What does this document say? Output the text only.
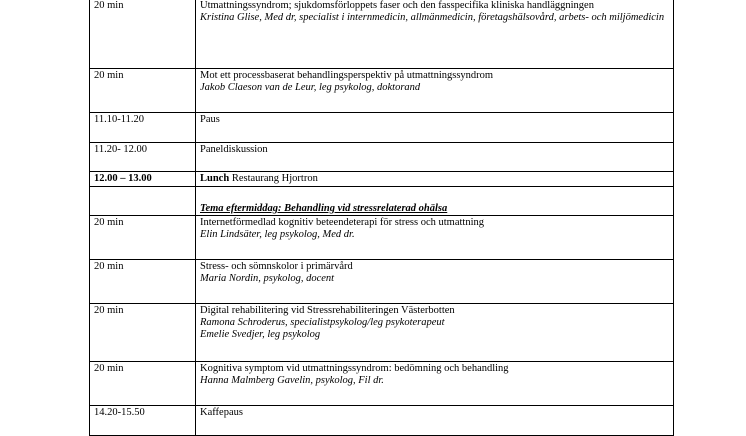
20 min	Utmattningssyndrom; sjukdomsförloppets faser och den fasspecifika kliniska handläggningen
Kristina Glise, Med dr, specialist i internmedicin, allmänmedicin, företagshälsovård, arbets- och miljömedicin

20 min	Mot ett processbaserat behandlingsperspektiv på utmattningssyndrom
Jakob Claeson van de Leur, leg psykolog, doktorand

11.10-11.20	Paus

11.20- 12.00	Paneldiskussion

12.00 – 13.00	Lunch Restaurang Hjortron
	Tema eftermiddag: Behandling vid stressrelaterad ohälsa
20 min	Internetförmedlad kognitiv beteendeterapi för stress och utmattning
Elin Lindsäter, leg psykolog, Med dr.

20 min	Stress- och sömnskolor i primärvård
Maria Nordin, psykolog, docent

20 min	Digital rehabilitering vid Stressrehabiliteringen Västerbotten
Ramona Schroderus, specialistpsykolog/leg psykoterapeut
Emelie Svedjer, leg psykolog

20 min	Kognitiva symptom vid utmattningssyndrom: bedömning och behandling
Hanna Malmberg Gavelin, psykolog, Fil dr.

14.20-15.50	Kaffepaus
